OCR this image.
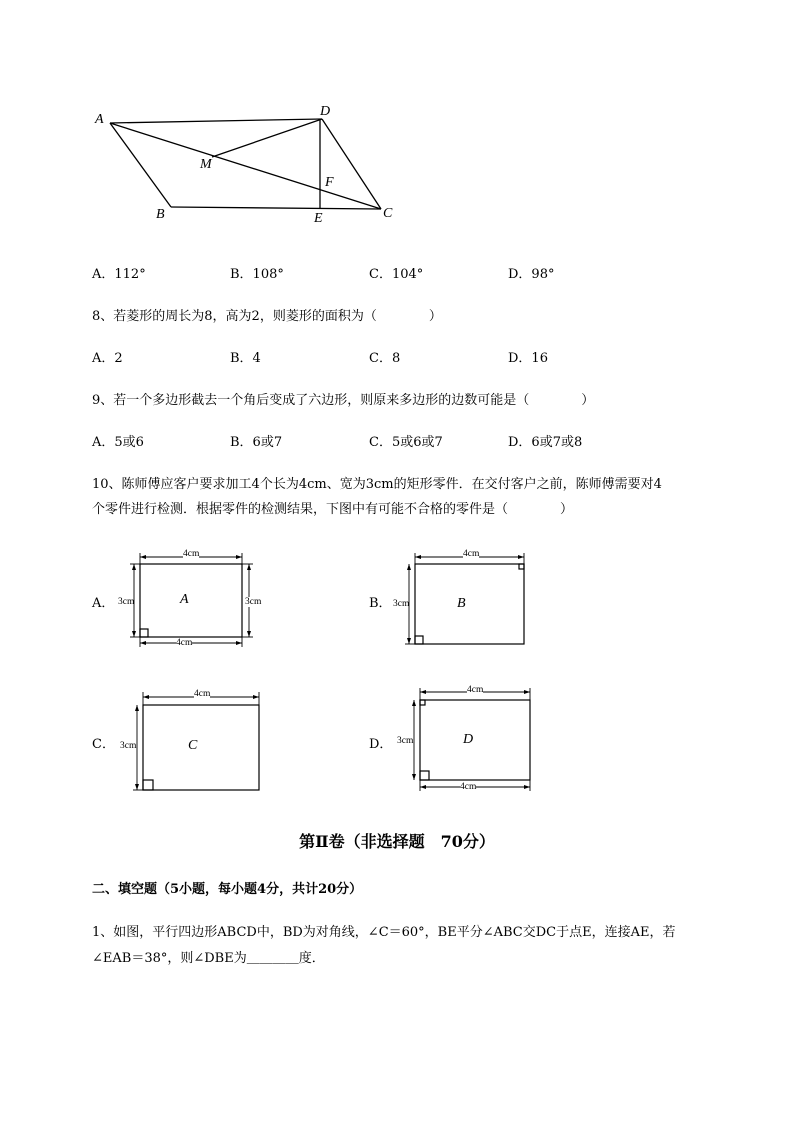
A
D
M
F
B	E	C
A．112°	B．108°	C．104°	D．98°
8、若菱形的周长为8，高为2，则菱形的面积为（　　　　）
A．2	B．4	C．8	D．16
9、若一个多边形截去一个角后变成了六边形，则原来多边形的边数可能是（　　　　）
A．5或6	B．6或7	C．5或6或7	D．6或7或8
10、陈师傅应客户要求加工4个长为4cm、宽为3cm的矩形零件．在交付客户之前，陈师傅需要对4
个零件进行检测．根据零件的检测结果，下图中有可能不合格的零件是（　　　　）
A．	B．
C．	D．
4cm
4cm
3cm	3cm
A
4cm
3cm	B
4cm
3cm	C
4cm
4cm
3cm	D
第Ⅱ卷（非选择题　70分）
二、填空题（5小题，每小题4分，共计20分）
1、如图，平行四边形ABCD中，BD为对角线，∠C＝60°，BE平分∠ABC交DC于点E，连接AE，若
∠EAB＝38°，则∠DBE为＿＿＿＿度．
